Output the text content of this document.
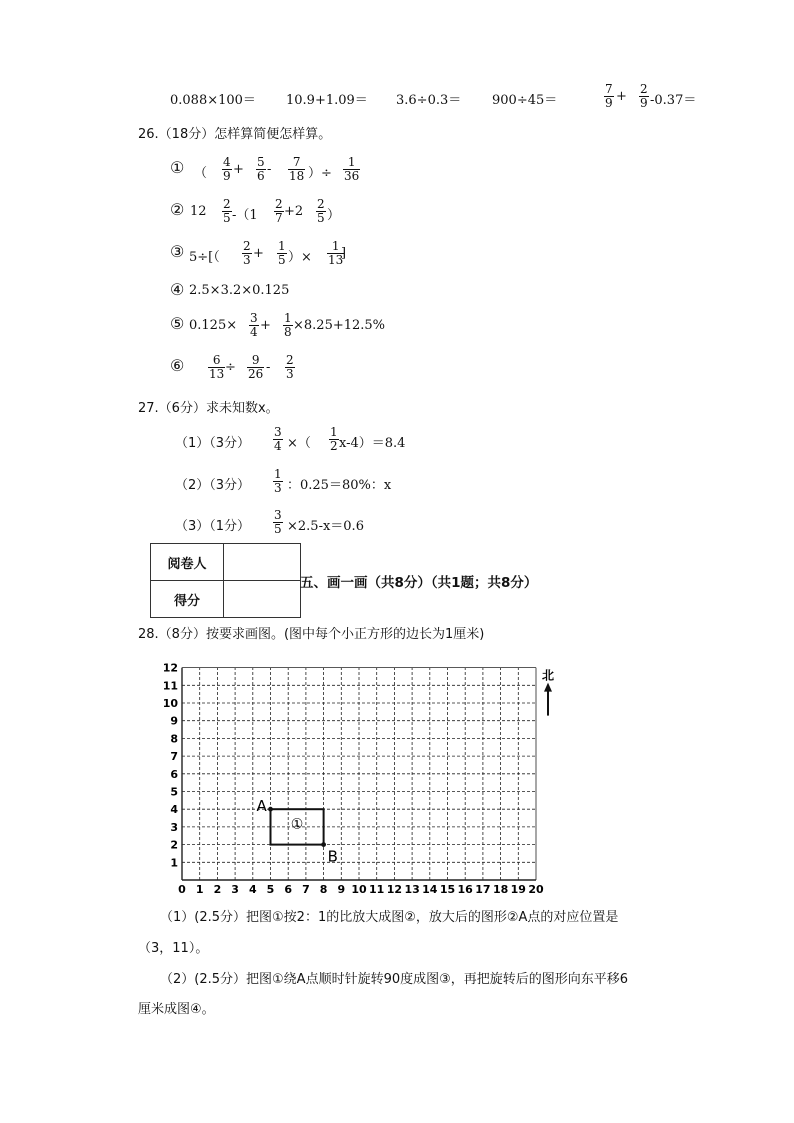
0.088×100＝ 10.9+1.09＝ 3.6÷0.3＝ 900÷45＝
7
9 + 2
9 -0.37＝
26.（18分）怎样算简便怎样算。
① （
4
9 + 5
6 - 7
18 ）÷
1
36
② 12 2
5 -（1
2
7 +2 2
5 ）
③ 5÷[（
2
3 + 1
5 ）×
1
13
]
④ 2.5×3.2×0.125
⑤ 0.125× 3
4 + 1
8 ×8.25+12.5%
⑥ 6
13 ÷ 9
26 - 2
3
27.（6分）求未知数x。
（1）（3分）
3
4 ×（
1
2 x-4）＝8.4
（2）（3分）
1
3 ：0.25＝80%：x
（3）（1分）
3
5 ×2.5-x＝0.6
阅卷人	
得分	
五、画一画（共8分）（共1题；共8分）
28.（8分）按要求画图。(图中每个小正方形的边长为1厘米)
0 1 2 3 4 5 6 7 8 9 10 11 12 13 14 15 16 17 18 19 20
1
2
3
4
5
6
7
8
9
10
11
12
北
A
B
①
（1）(2.5分）把图①按2：1的比放大成图②，放大后的图形②A点的对应位置是
（3，11）。
（2）(2.5分）把图①绕A点顺时针旋转90度成图③，再把旋转后的图形向东平移6
厘米成图④。
